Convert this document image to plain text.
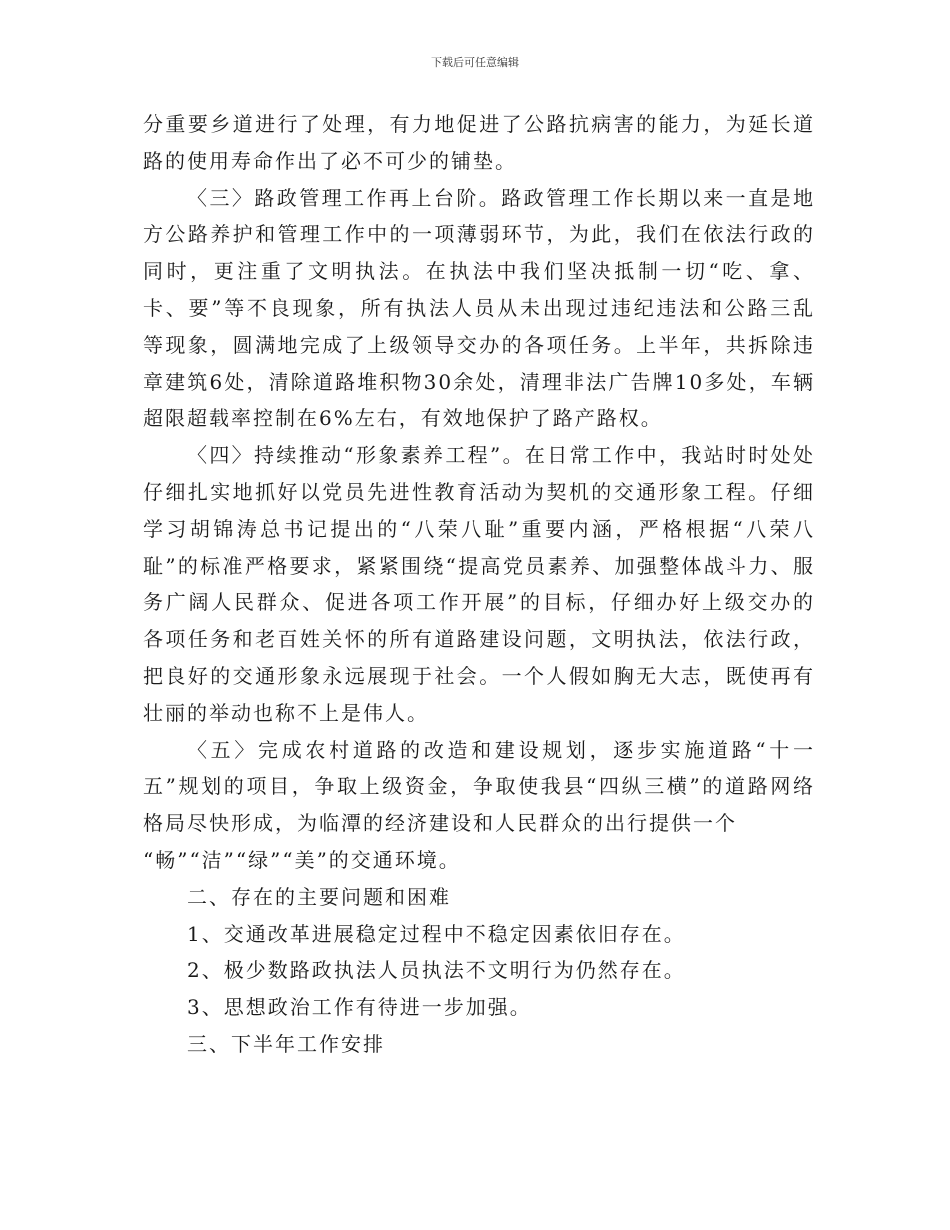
下载后可任意编辑

分重要乡道进行了处理，有力地促进了公路抗病害的能力，为延长道路的使用寿命作出了必不可少的铺垫。

〈三〉路政管理工作再上台阶。路政管理工作长期以来一直是地方公路养护和管理工作中的一项薄弱环节，为此，我们在依法行政的同时，更注重了文明执法。在执法中我们坚决抵制一切“吃、拿、卡、要”等不良现象，所有执法人员从未出现过违纪违法和公路三乱等现象，圆满地完成了上级领导交办的各项任务。上半年，共拆除违章建筑6处，清除道路堆积物30余处，清理非法广告牌10多处，车辆超限超载率控制在6%左右，有效地保护了路产路权。

〈四〉持续推动“形象素养工程”。在日常工作中，我站时时处处仔细扎实地抓好以党员先进性教育活动为契机的交通形象工程。仔细学习胡锦涛总书记提出的“八荣八耻”重要内涵，严格根据“八荣八耻”的标准严格要求，紧紧围绕“提高党员素养、加强整体战斗力、服务广阔人民群众、促进各项工作开展”的目标，仔细办好上级交办的各项任务和老百姓关怀的所有道路建设问题，文明执法，依法行政，把良好的交通形象永远展现于社会。一个人假如胸无大志，既使再有壮丽的举动也称不上是伟人。

〈五〉完成农村道路的改造和建设规划，逐步实施道路“十一五”规划的项目，争取上级资金，争取使我县“四纵三横”的道路网络格局尽快形成，为临潭的经济建设和人民群众的出行提供一个
“畅”“洁”“绿”“美”的交通环境。

二、存在的主要问题和困难

1、交通改革进展稳定过程中不稳定因素依旧存在。

2、极少数路政执法人员执法不文明行为仍然存在。

3、思想政治工作有待进一步加强。

三、下半年工作安排
